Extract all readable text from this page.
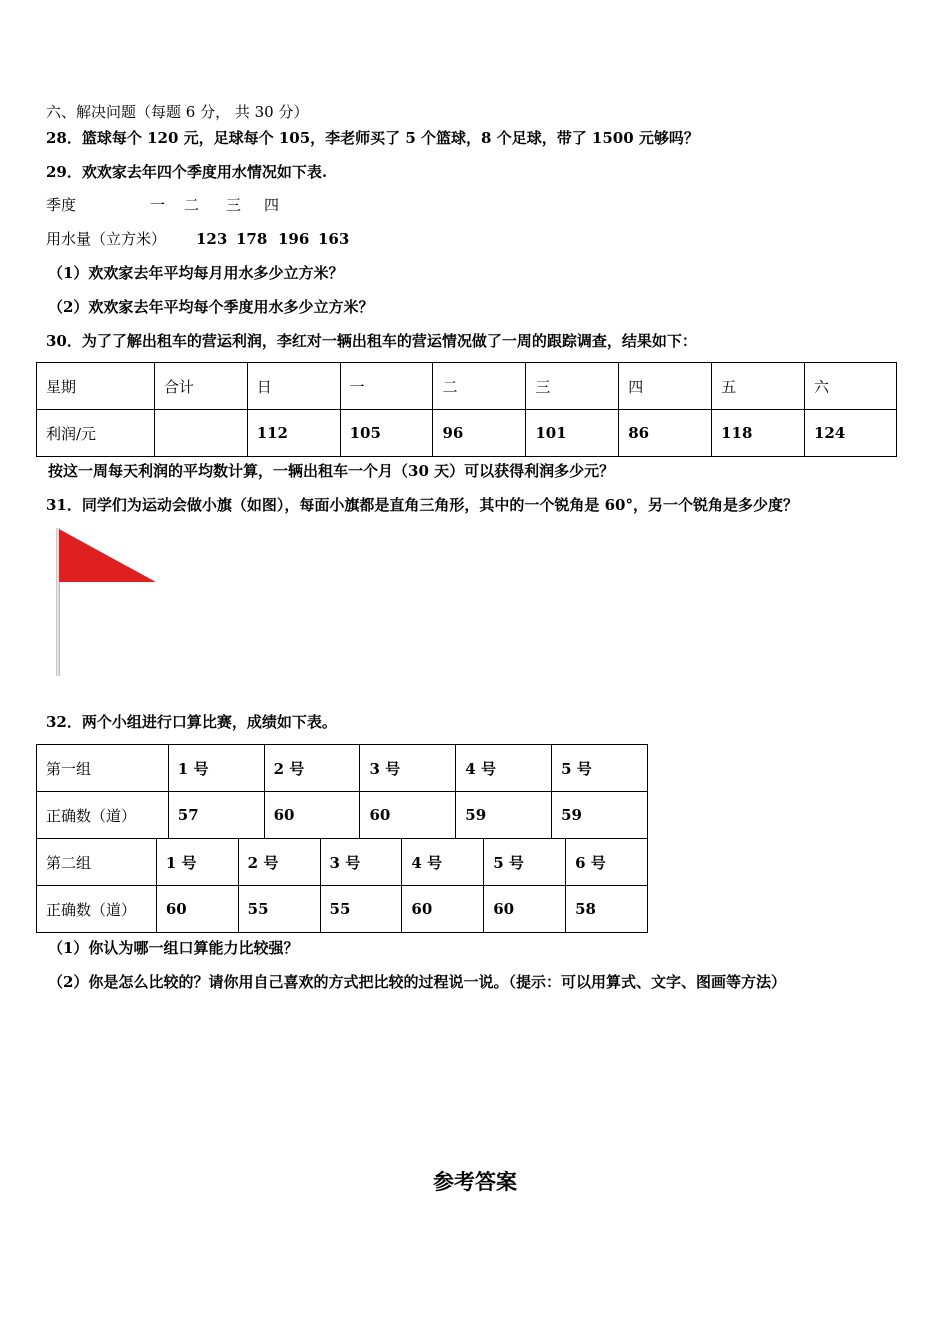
六、解决问题（每题 6 分， 共 30 分）
28．篮球每个 120 元，足球每个 105，李老师买了 5 个篮球，8 个足球，带了 1500 元够吗？
29．欢欢家去年四个季度用水情况如下表.
季度	一 二 三 四
用水量（立方米） 123 178 196 163
（1）欢欢家去年平均每月用水多少立方米？
（2）欢欢家去年平均每个季度用水多少立方米？
30．为了了解出租车的营运利润，李红对一辆出租车的营运情况做了一周的跟踪调查，结果如下：
星期	合计	日	一	二	三	四	五	六
利润/元		112	105	96	101	86	118	124
按这一周每天利润的平均数计算，一辆出租车一个月（30 天）可以获得利润多少元？
31．同学们为运动会做小旗（如图），每面小旗都是直角三角形，其中的一个锐角是 60°，另一个锐角是多少度？
32．两个小组进行口算比赛，成绩如下表。
第一组	1 号	2 号	3 号	4 号	5 号
正确数（道）	57	60	60	59	59
第二组	1 号	2 号	3 号	4 号	5 号	6 号
正确数（道）	60	55	55	60	60	58
（1）你认为哪一组口算能力比较强？
（2）你是怎么比较的？请你用自己喜欢的方式把比较的过程说一说。（提示：可以用算式、文字、图画等方法）
参考答案
